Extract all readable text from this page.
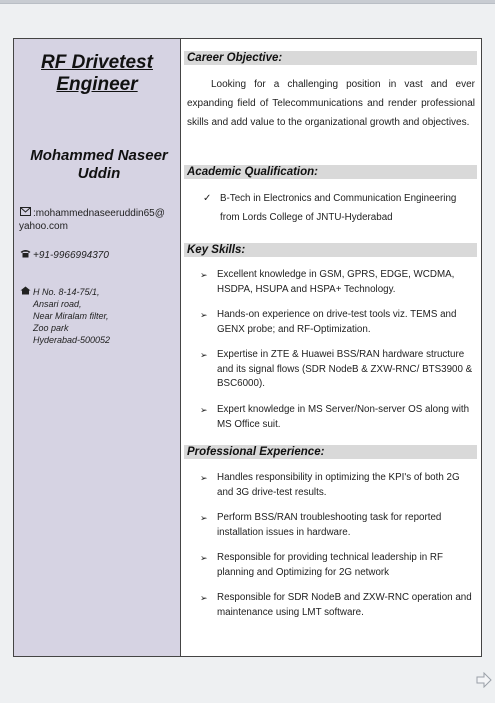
RF Drivetest
Engineer
Mohammed Naseer
Uddin
:mohammednaseeruddin65@
yahoo.com
+91-9966994370
H No. 8-14-75/1,
Ansari road,
Near Miralam filter,
Zoo park
Hyderabad-500052
Career Objective:
Looking for a challenging position in vast and ever expanding field of Telecommunications and render professional skills and add value to the organizational growth and objectives.
Academic Qualification:
✓ B-Tech in Electronics and Communication Engineering from Lords College of JNTU-Hyderabad
Key Skills:
➢ Excellent knowledge in GSM, GPRS, EDGE, WCDMA, HSDPA, HSUPA and HSPA+ Technology.
➢ Hands-on experience on drive-test tools viz. TEMS and GENX probe; and RF-Optimization.
➢ Expertise in ZTE & Huawei BSS/RAN hardware structure and its signal flows (SDR NodeB & ZXW-RNC/ BTS3900 & BSC6000).
➢ Expert knowledge in MS Server/Non-server OS along with MS Office suit.
Professional Experience:
➢ Handles responsibility in optimizing the KPI's of both 2G and 3G drive-test results.
➢ Perform BSS/RAN troubleshooting task for reported installation issues in hardware.
➢ Responsible for providing technical leadership in RF planning and Optimizing for 2G network
➢ Responsible for SDR NodeB and ZXW-RNC operation and maintenance using LMT software.
